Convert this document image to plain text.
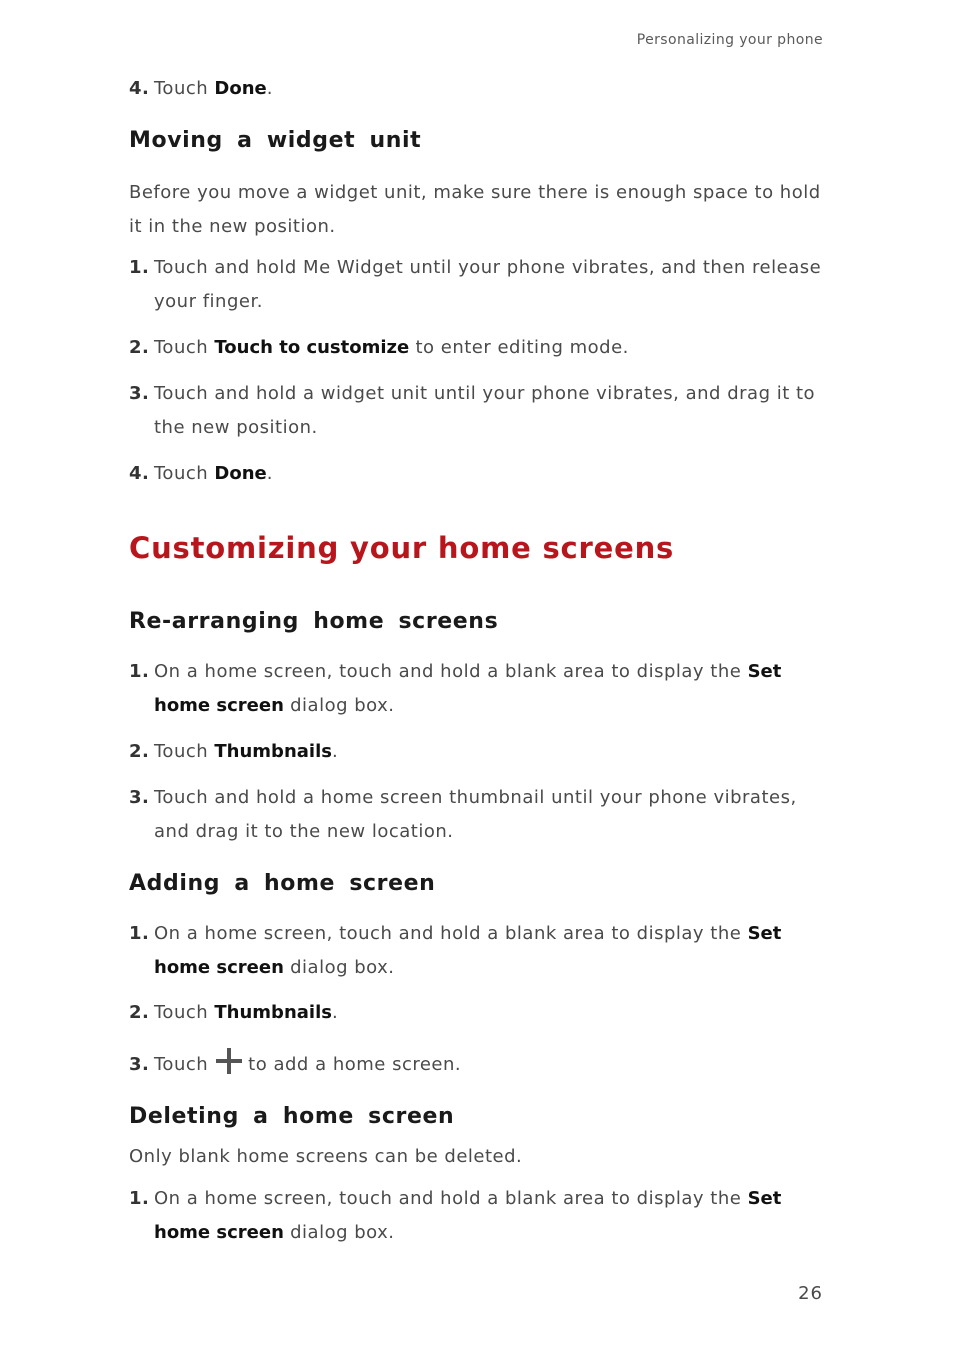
Personalizing your phone
4. Touch Done.
Moving a widget unit
Before you move a widget unit, make sure there is enough space to hold it in the new position.
1. Touch and hold Me Widget until your phone vibrates, and then release your finger.
2. Touch Touch to customize to enter editing mode.
3. Touch and hold a widget unit until your phone vibrates, and drag it to the new position.
4. Touch Done.
Customizing your home screens
Re-arranging home screens
1. On a home screen, touch and hold a blank area to display the Set home screen dialog box.
2. Touch Thumbnails.
3. Touch and hold a home screen thumbnail until your phone vibrates, and drag it to the new location.
Adding a home screen
1. On a home screen, touch and hold a blank area to display the Set home screen dialog box.
2. Touch Thumbnails.
3. Touch to add a home screen.
Deleting a home screen
Only blank home screens can be deleted.
1. On a home screen, touch and hold a blank area to display the Set home screen dialog box.
26
